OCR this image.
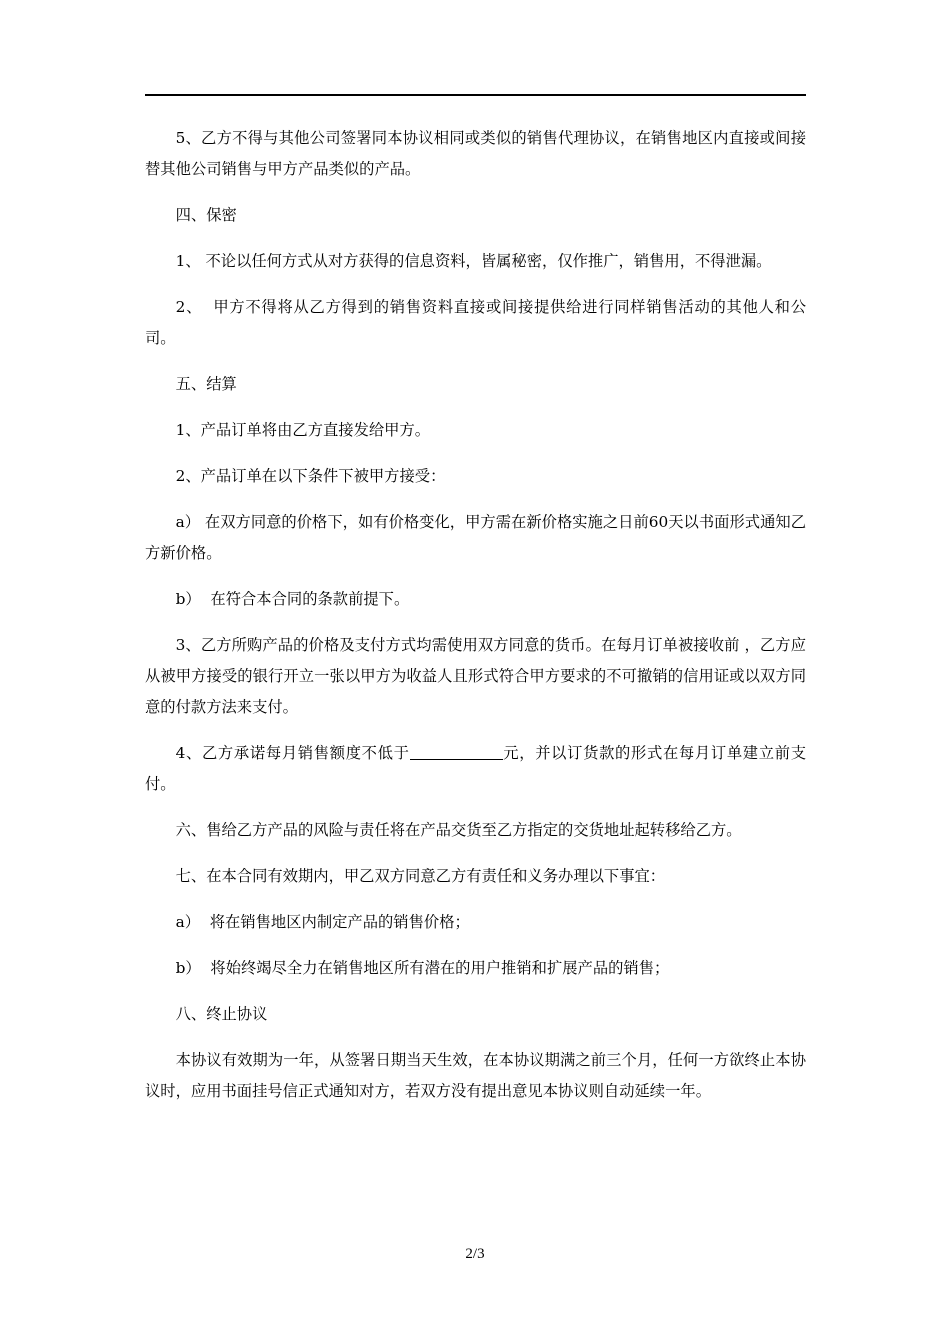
5、乙方不得与其他公司签署同本协议相同或类似的销售代理协议，在销售地区内直接或间接替其他公司销售与甲方产品类似的产品。

四、保密

1、 不论以任何方式从对方获得的信息资料，皆属秘密，仅作推广，销售用，不得泄漏。

2、  甲方不得将从乙方得到的销售资料直接或间接提供给进行同样销售活动的其他人和公司。

五、结算

1、产品订单将由乙方直接发给甲方。

2、产品订单在以下条件下被甲方接受：

a） 在双方同意的价格下，如有价格变化，甲方需在新价格实施之日前60天以书面形式通知乙方新价格。

b）  在符合本合同的条款前提下。

3、乙方所购产品的价格及支付方式均需使用双方同意的货币。在每月订单被接收前 ，乙方应从被甲方接受的银行开立一张以甲方为收益人且形式符合甲方要求的不可撤销的信用证或以双方同意的付款方法来支付。

4、乙方承诺每月销售额度不低于	元，并以订货款的形式在每月订单建立前支付。

六、售给乙方产品的风险与责任将在产品交货至乙方指定的交货地址起转移给乙方。

七、在本合同有效期内，甲乙双方同意乙方有责任和义务办理以下事宜：

a）  将在销售地区内制定产品的销售价格；

b）  将始终竭尽全力在销售地区所有潜在的用户推销和扩展产品的销售；

八、终止协议

本协议有效期为一年，从签署日期当天生效，在本协议期满之前三个月，任何一方欲终止本协议时，应用书面挂号信正式通知对方，若双方没有提出意见本协议则自动延续一年。

2/3
